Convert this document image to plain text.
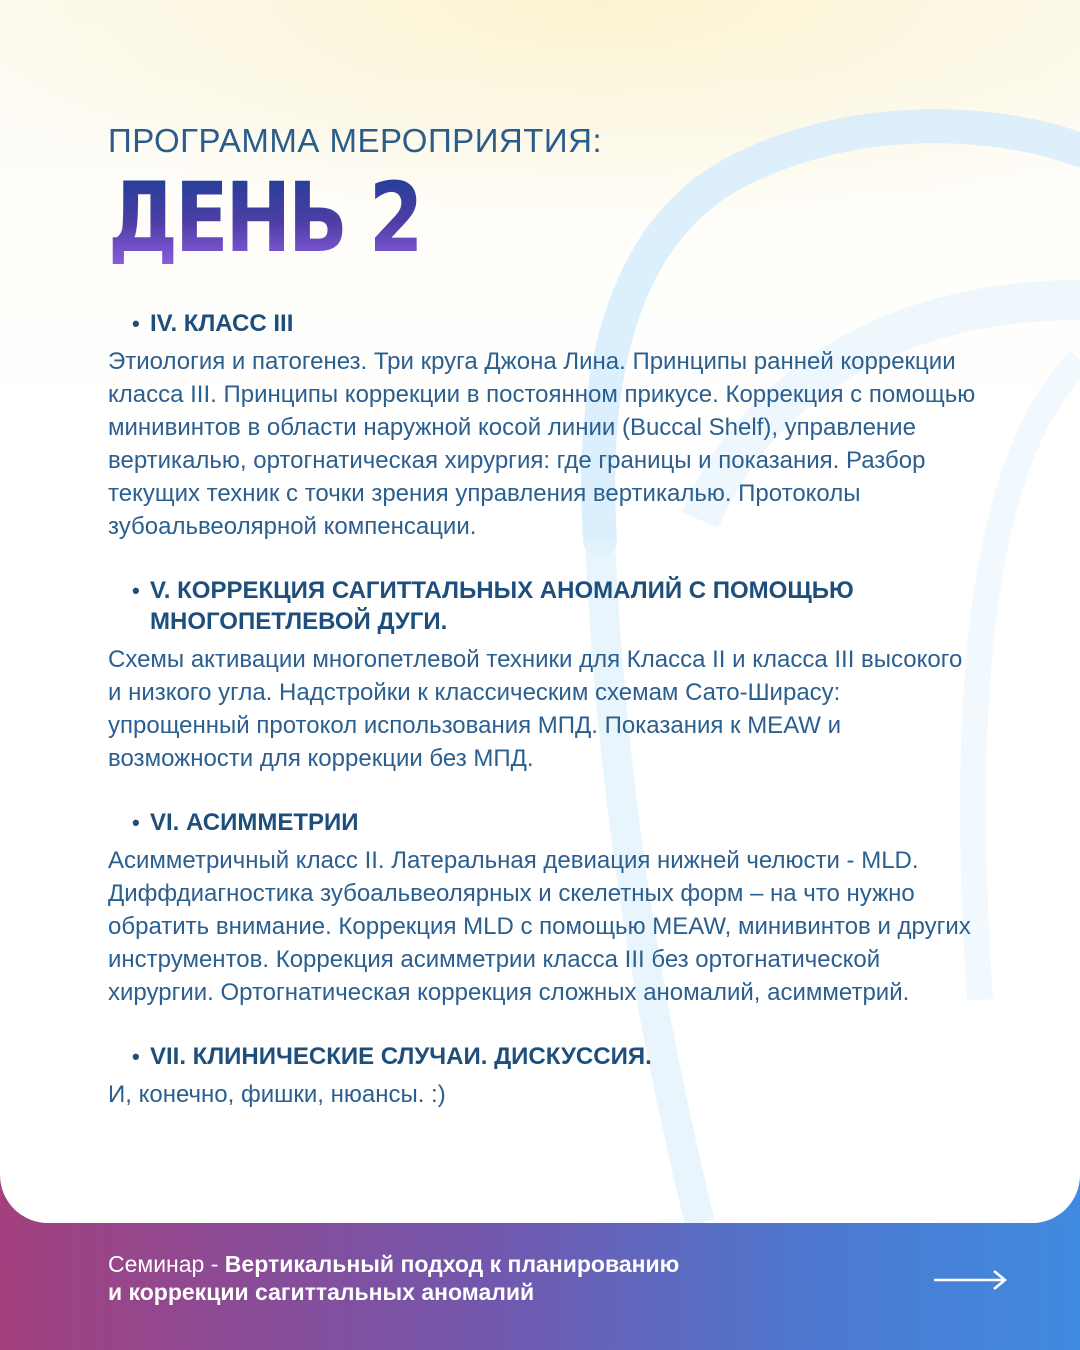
ПРОГРАММА МЕРОПРИЯТИЯ:
ДЕНЬ 2
• IV. КЛАСС III
Этиология и патогенез. Три круга Джона Лина. Принципы ранней коррекции класса III. Принципы коррекции в постоянном прикусе. Коррекция с помощью минивинтов в области наружной косой линии (Buccal Shelf), управление вертикалью, ортогнатическая хирургия: где границы и показания. Разбор текущих техник с точки зрения управления вертикалью. Протоколы зубоальвеолярной компенсации.
• V. КОРРЕКЦИЯ САГИТТАЛЬНЫХ АНОМАЛИЙ С ПОМОЩЬЮ МНОГОПЕТЛЕВОЙ ДУГИ.
Схемы активации многопетлевой техники для Класса II и класса III высокого и низкого угла. Надстройки к классическим схемам Сато-Ширасу: упрощенный протокол использования МПД. Показания к MEAW и возможности для коррекции без МПД.
• VI. АСИММЕТРИИ
Асимметричный класс II. Латеральная девиация нижней челюсти - MLD. Диффдиагностика зубоальвеолярных и скелетных форм – на что нужно обратить внимание. Коррекция MLD с помощью MEAW, минивинтов и других инструментов. Коррекция асимметрии класса III без ортогнатической хирургии. Ортогнатическая коррекция сложных аномалий, асимметрий.
• VII. КЛИНИЧЕСКИЕ СЛУЧАИ. ДИСКУССИЯ.
И, конечно, фишки, нюансы. :)
Семинар - Вертикальный подход к планированию
и коррекции сагиттальных аномалий
